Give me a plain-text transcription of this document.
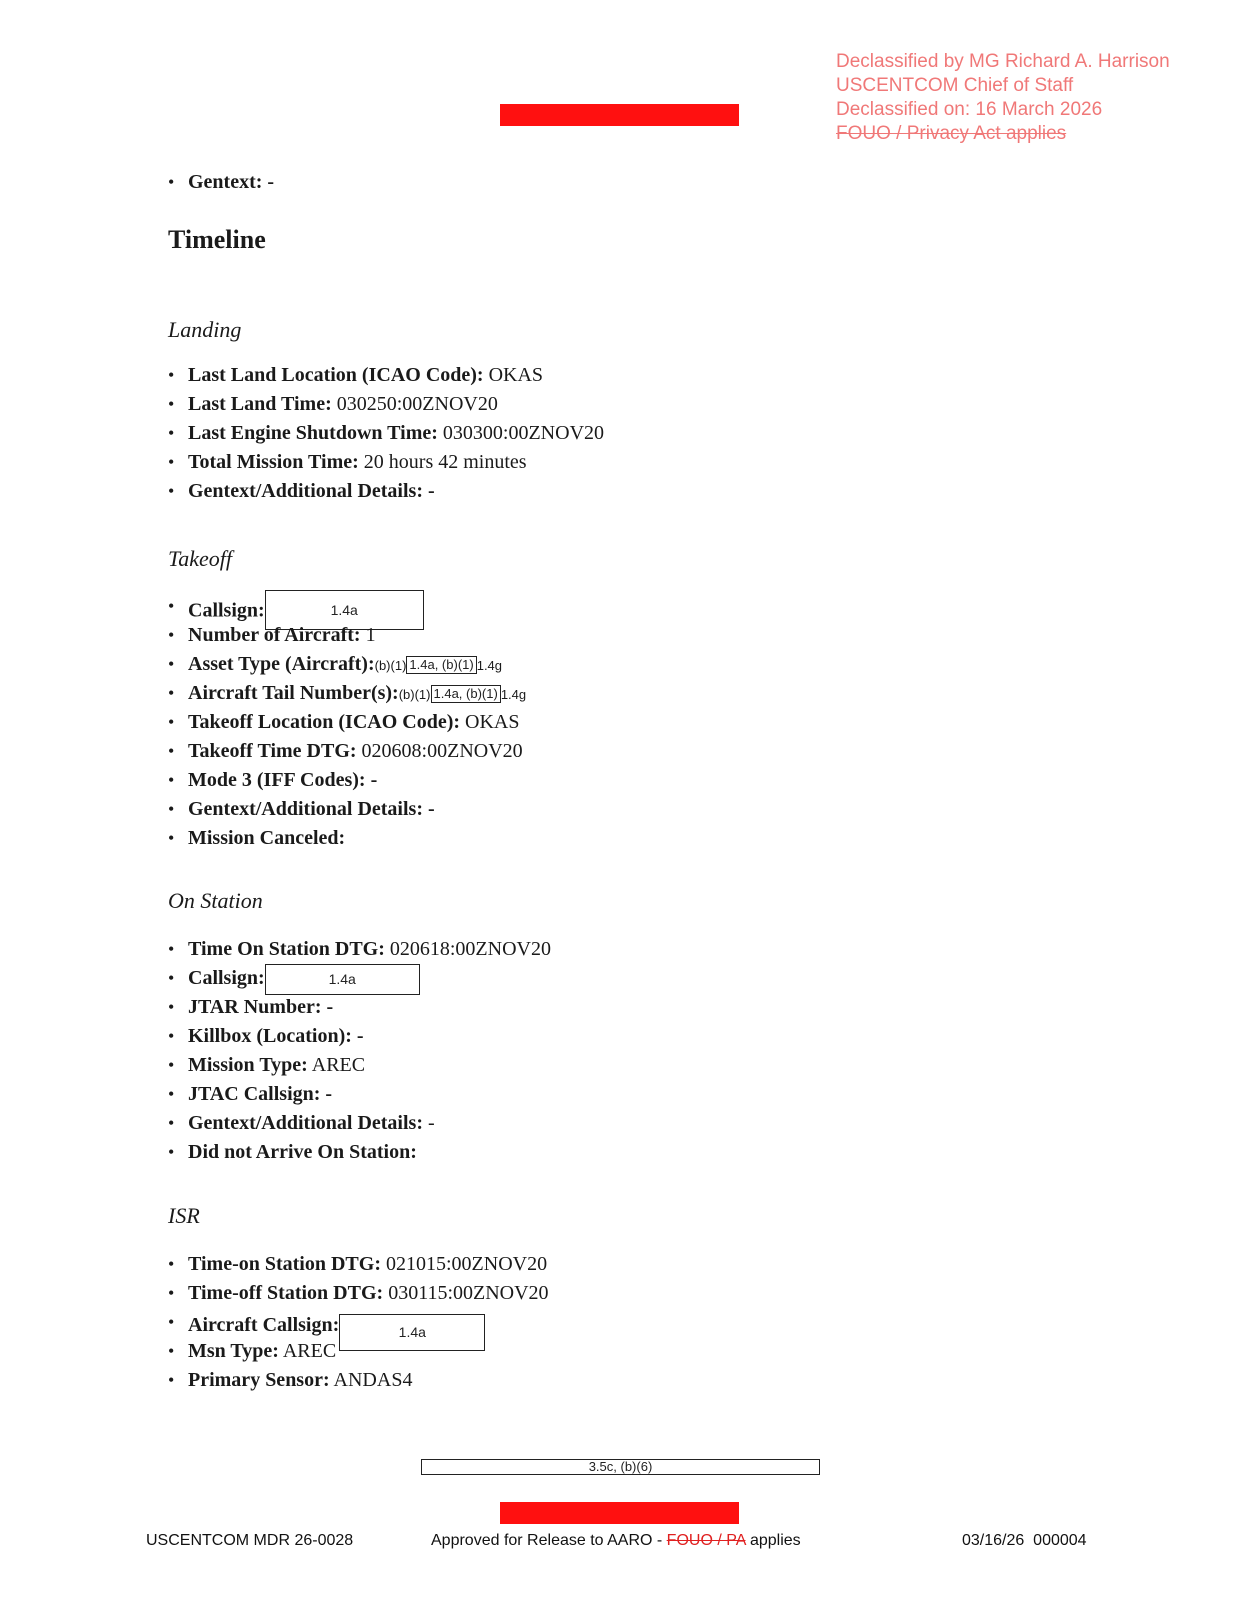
Declassified by MG Richard A. Harrison
USCENTCOM Chief of Staff
Declassified on: 16 March 2026
FOUO / Privacy Act applies
• Gentext: -
Timeline
Landing
• Last Land Location (ICAO Code): OKAS
• Last Land Time: 030250:00ZNOV20
• Last Engine Shutdown Time: 030300:00ZNOV20
• Total Mission Time: 20 hours 42 minutes
• Gentext/Additional Details: -
Takeoff
• Callsign:	1.4a
• Number of Aircraft: 1
• Asset Type (Aircraft):(b)(1) 1.4a, (b)(1) 1.4g
• Aircraft Tail Number(s):(b)(1) 1.4a, (b)(1) 1.4g
• Takeoff Location (ICAO Code): OKAS
• Takeoff Time DTG: 020608:00ZNOV20
• Mode 3 (IFF Codes): -
• Gentext/Additional Details: -
• Mission Canceled:
On Station
• Time On Station DTG: 020618:00ZNOV20
• Callsign:	1.4a
• JTAR Number: -
• Killbox (Location): -
• Mission Type: AREC
• JTAC Callsign: -
• Gentext/Additional Details: -
• Did not Arrive On Station:
ISR
• Time-on Station DTG: 021015:00ZNOV20
• Time-off Station DTG: 030115:00ZNOV20
• Aircraft Callsign:	1.4a
• Msn Type: AREC
• Primary Sensor: ANDAS4
3.5c, (b)(6)
USCENTCOM MDR 26-0028	Approved for Release to AARO - FOUO / PA applies	03/16/26  000004
